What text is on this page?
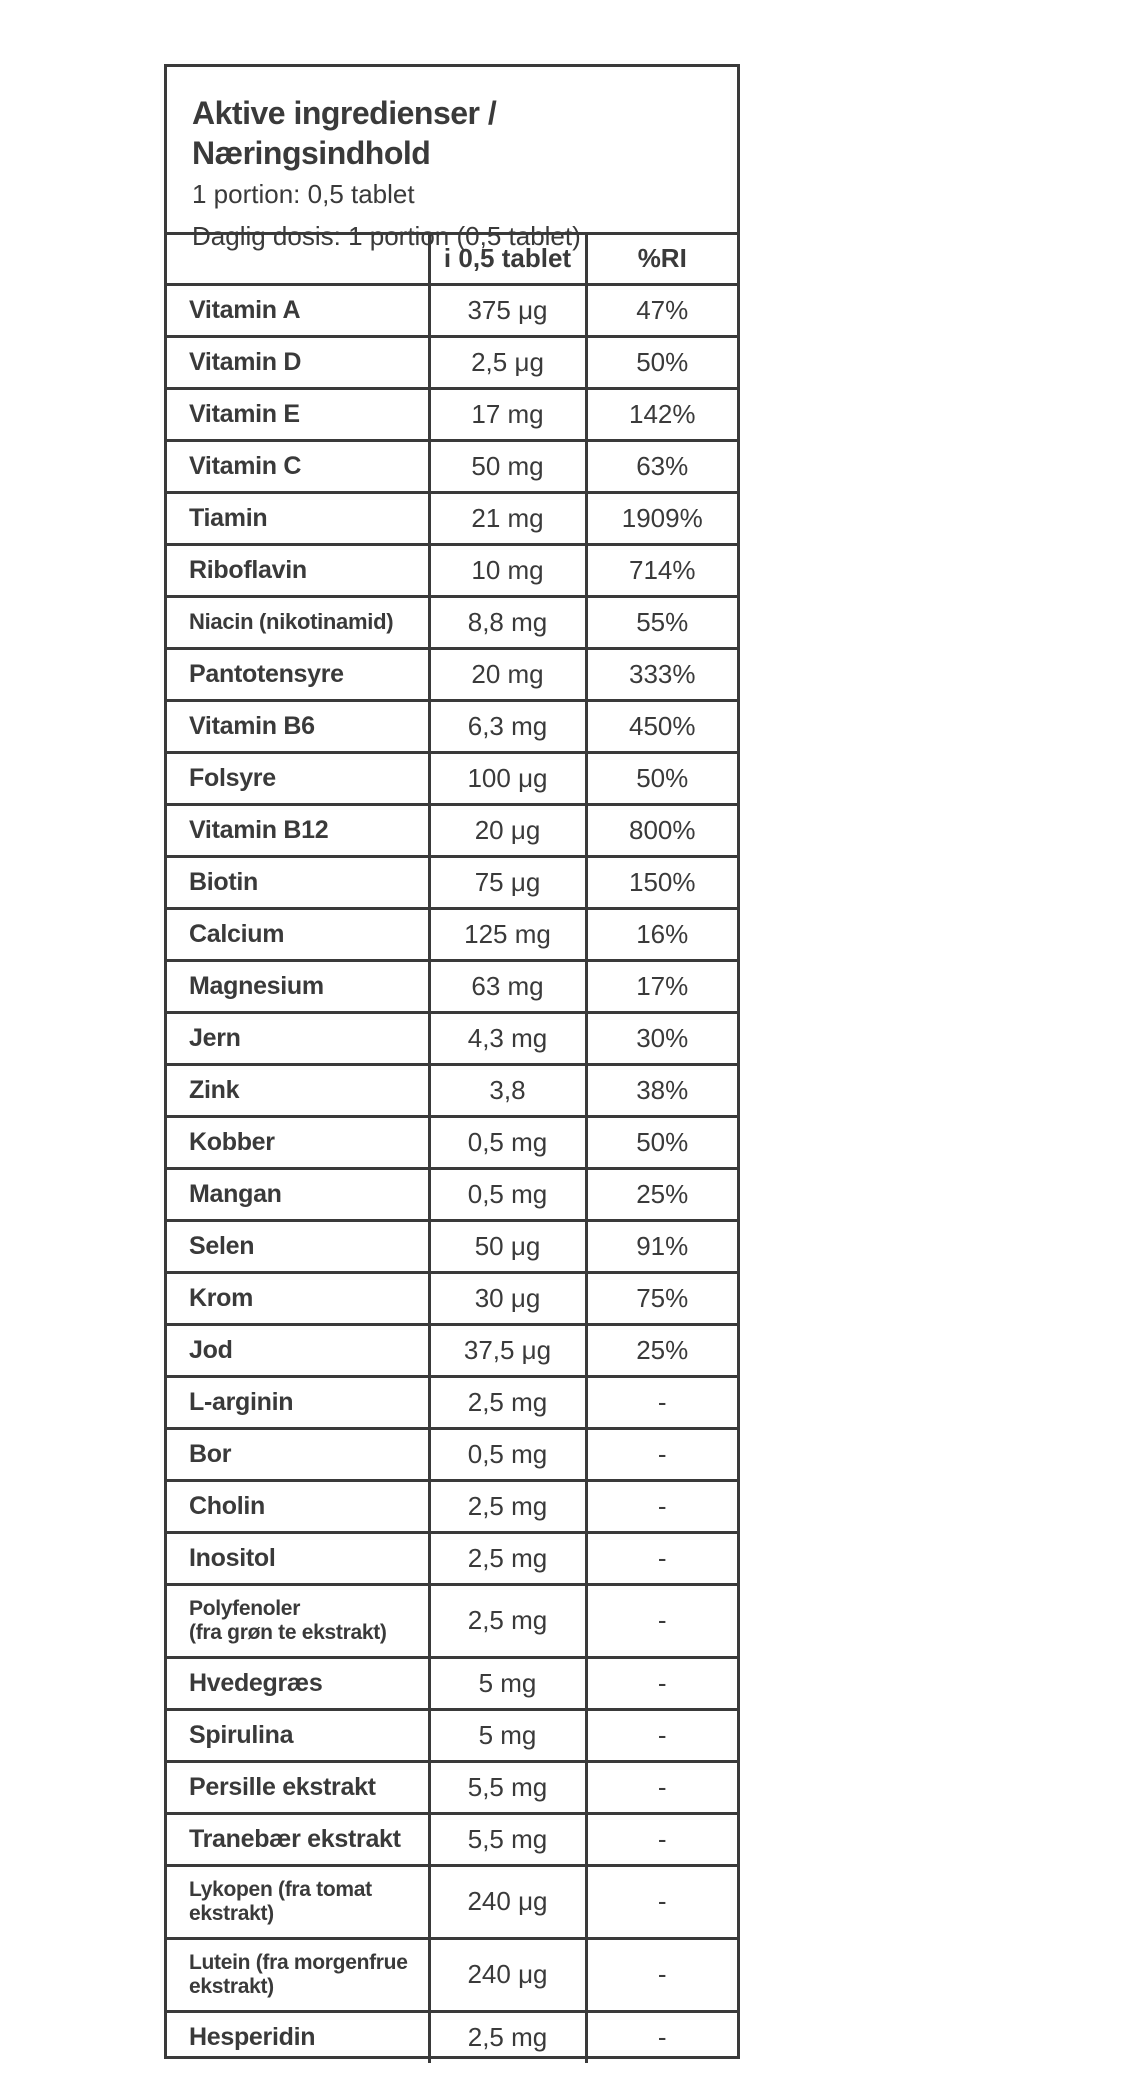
Aktive ingredienser / Næringsindhold

1 portion: 0,5 tablet

Daglig dosis: 1 portion (0,5 tablet)

	i 0,5 tablet	%RI
Vitamin A	375 μg	47%
Vitamin D	2,5 μg	50%
Vitamin E	17 mg	142%
Vitamin C	50 mg	63%
Tiamin	21 mg	1909%
Riboflavin	10 mg	714%
Niacin (nikotinamid)	8,8 mg	55%
Pantotensyre	20 mg	333%
Vitamin B6	6,3 mg	450%
Folsyre	100 μg	50%
Vitamin B12	20 μg	800%
Biotin	75 μg	150%
Calcium	125 mg	16%
Magnesium	63 mg	17%
Jern	4,3 mg	30%
Zink	3,8	38%
Kobber	0,5 mg	50%
Mangan	0,5 mg	25%
Selen	50 μg	91%
Krom	30 μg	75%
Jod	37,5 μg	25%
L-arginin	2,5 mg	-
Bor	0,5 mg	-
Cholin	2,5 mg	-
Inositol	2,5 mg	-
Polyfenoler
(fra grøn te ekstrakt)	2,5 mg	-
Hvedegræs	5 mg	-
Spirulina	5 mg	-
Persille ekstrakt	5,5 mg	-
Tranebær ekstrakt	5,5 mg	-
Lykopen (fra tomat
ekstrakt)	240 μg	-
Lutein (fra morgenfrue
ekstrakt)	240 μg	-
Hesperidin	2,5 mg	-
